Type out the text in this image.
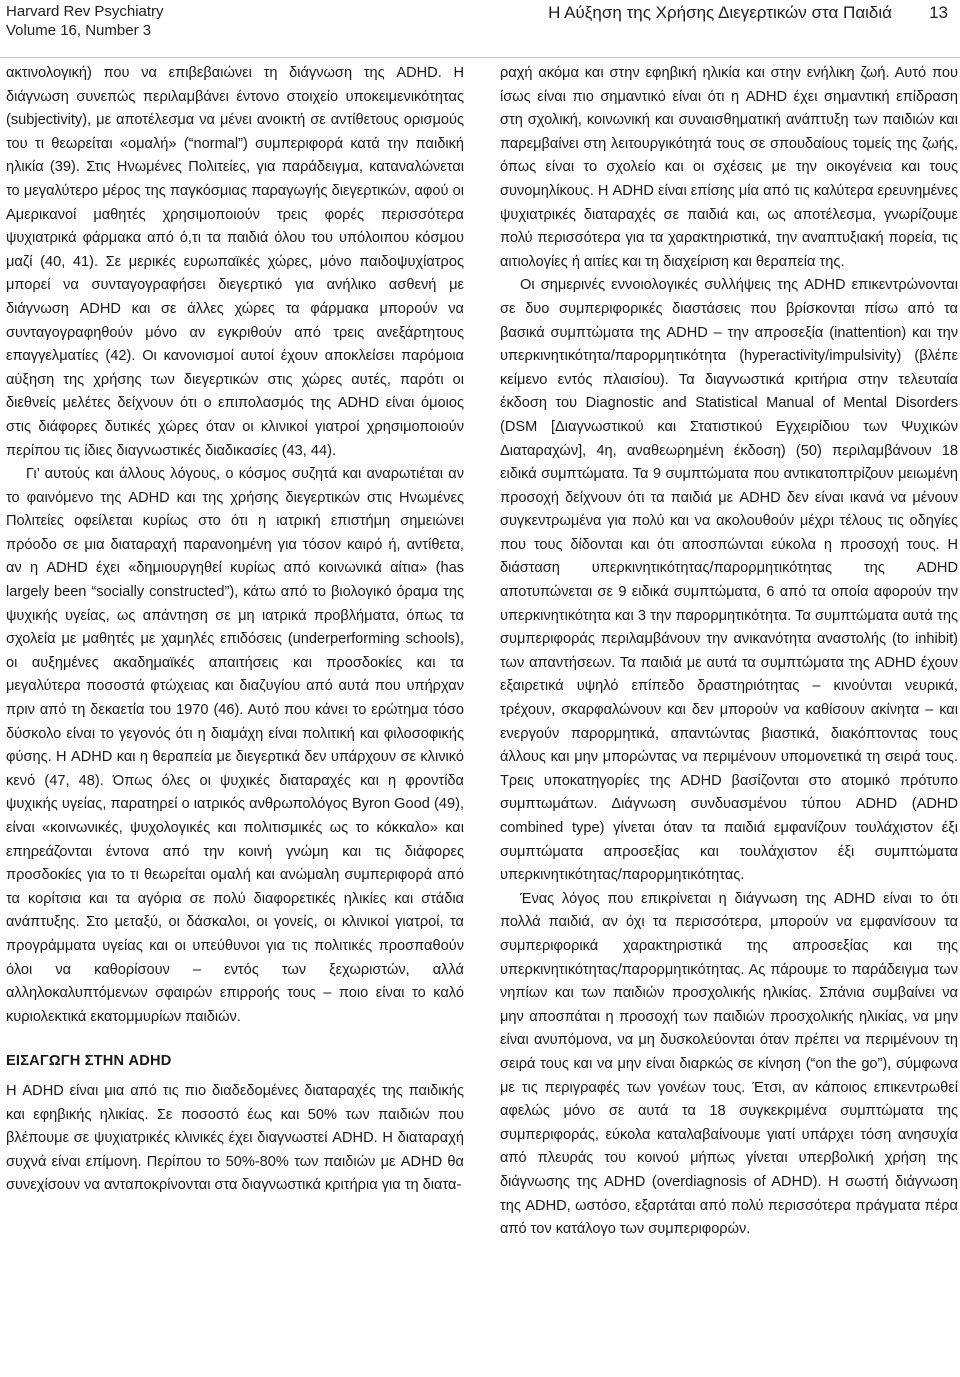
Harvard Rev Psychiatry
Volume 16, Number 3
Η Αύξηση της Χρήσης Διεγερτικών στα Παιδιά 13

ακτινολογική) που να επιβεβαιώνει τη διάγνωση της ADHD. Η διάγνωση συνεπώς περιλαμβάνει έντονο στοιχείο υποκειμενικότητας (subjectivity), με αποτέλεσμα να μένει ανοικτή σε αντίθετους ορισμούς του τι θεωρείται «ομαλή» (“normal”) συμπεριφορά κατά την παιδική ηλικία (39). Στις Ηνωμένες Πολιτείες, για παράδειγμα, καταναλώνεται το μεγαλύτερο μέρος της παγκόσμιας παραγωγής διεγερτικών, αφού οι Αμερικανοί μαθητές χρησιμοποιούν τρεις φορές περισσότερα ψυχιατρικά φάρμακα από ό,τι τα παιδιά όλου του υπόλοιπου κόσμου μαζί (40, 41). Σε μερικές ευρωπαϊκές χώρες, μόνο παιδοψυχίατρος μπορεί να συνταγογραφήσει διεγερτικό για ανήλικο ασθενή με διάγνωση ADHD και σε άλλες χώρες τα φάρμακα μπορούν να συνταγογραφηθούν μόνο αν εγκριθούν από τρεις ανεξάρτητους επαγγελματίες (42). Οι κανονισμοί αυτοί έχουν αποκλείσει παρόμοια αύξηση της χρήσης των διεγερτικών στις χώρες αυτές, παρότι οι διεθνείς μελέτες δείχνουν ότι ο επιπολασμός της ADHD είναι όμοιος στις διάφορες δυτικές χώρες όταν οι κλινικοί γιατροί χρησιμοποιούν περίπου τις ίδιες διαγνωστικές διαδικασίες (43, 44).

Γι’ αυτούς και άλλους λόγους, ο κόσμος συζητά και αναρωτιέται αν το φαινόμενο της ADHD και της χρήσης διεγερτικών στις Ηνωμένες Πολιτείες οφείλεται κυρίως στο ότι η ιατρική επιστήμη σημειώνει πρόοδο σε μια διαταραχή παρανοημένη για τόσον καιρό ή, αντίθετα, αν η ADHD έχει «δημιουργηθεί κυρίως από κοινωνικά αίτια» (has largely been “socially constructed”), κάτω από το βιολογικό όραμα της ψυχικής υγείας, ως απάντηση σε μη ιατρικά προβλήματα, όπως τα σχολεία με μαθητές με χαμηλές επιδόσεις (underperforming schools), οι αυξημένες ακαδημαϊκές απαιτήσεις και προσδοκίες και τα μεγαλύτερα ποσοστά φτώχειας και διαζυγίου από αυτά που υπήρχαν πριν από τη δεκαετία του 1970 (46). Αυτό που κάνει το ερώτημα τόσο δύσκολο είναι το γεγονός ότι η διαμάχη είναι πολιτική και φιλοσοφικής φύσης. Η ADHD και η θεραπεία με διεγερτικά δεν υπάρχουν σε κλινικό κενό (47, 48). Όπως όλες οι ψυχικές διαταραχές και η φροντίδα ψυχικής υγείας, παρατηρεί ο ιατρικός ανθρωπολόγος Byron Good (49), είναι «κοινωνικές, ψυχολογικές και πολιτισμικές ως το κόκκαλο» και επηρεάζονται έντονα από την κοινή γνώμη και τις διάφορες προσδοκίες για το τι θεωρείται ομαλή και ανώμαλη συμπεριφορά από τα κορίτσια και τα αγόρια σε πολύ διαφορετικές ηλικίες και στάδια ανάπτυξης. Στο μεταξύ, οι δάσκαλοι, οι γονείς, οι κλινικοί γιατροί, τα προγράμματα υγείας και οι υπεύθυνοι για τις πολιτικές προσπαθούν όλοι να καθορίσουν – εντός των ξεχωριστών, αλλά αλληλοκαλυπτόμενων σφαιρών επιρροής τους – ποιο είναι το καλό κυριολεκτικά εκατομμυρίων παιδιών.

ΕΙΣΑΓΩΓΗ ΣΤΗΝ ADHD

Η ADHD είναι μια από τις πιο διαδεδομένες διαταραχές της παιδικής και εφηβικής ηλικίας. Σε ποσοστό έως και 50% των παιδιών που βλέπουμε σε ψυχιατρικές κλινικές έχει διαγνωστεί ADHD. Η διαταραχή συχνά είναι επίμονη. Περίπου το 50%-80% των παιδιών με ADHD θα συνεχίσουν να ανταποκρίνονται στα διαγνωστικά κριτήρια για τη διατα-

ραχή ακόμα και στην εφηβική ηλικία και στην ενήλικη ζωή. Αυτό που ίσως είναι πιο σημαντικό είναι ότι η ADHD έχει σημαντική επίδραση στη σχολική, κοινωνική και συναισθηματική ανάπτυξη των παιδιών και παρεμβαίνει στη λειτουργικότητά τους σε σπουδαίους τομείς της ζωής, όπως είναι το σχολείο και οι σχέσεις με την οικογένεια και τους συνομηλίκους. Η ADHD είναι επίσης μία από τις καλύτερα ερευνημένες ψυχιατρικές διαταραχές σε παιδιά και, ως αποτέλεσμα, γνωρίζουμε πολύ περισσότερα για τα χαρακτηριστικά, την αναπτυξιακή πορεία, τις αιτιολογίες ή αιτίες και τη διαχείριση και θεραπεία της.

Οι σημερινές εννοιολογικές συλλήψεις της ADHD επικεντρώνονται σε δυο συμπεριφορικές διαστάσεις που βρίσκονται πίσω από τα βασικά συμπτώματα της ADHD – την απροσεξία (inattention) και την υπερκινητικότητα/παρορμητικότητα (hyperactivity/impulsivity) (βλέπε κείμενο εντός πλαισίου). Τα διαγνωστικά κριτήρια στην τελευταία έκδοση του Diagnostic and Statistical Manual of Mental Disorders (DSM [Διαγνωστικού και Στατιστικού Εγχειρίδιου των Ψυχικών Διαταραχών], 4η, αναθεωρημένη έκδοση) (50) περιλαμβάνουν 18 ειδικά συμπτώματα. Τα 9 συμπτώματα που αντικατοπτρίζουν μειωμένη προσοχή δείχνουν ότι τα παιδιά με ADHD δεν είναι ικανά να μένουν συγκεντρωμένα για πολύ και να ακολουθούν μέχρι τέλους τις οδηγίες που τους δίδονται και ότι αποσπώνται εύκολα η προσοχή τους. Η διάσταση υπερκινητικότητας/παρορμητικότητας της ADHD αποτυπώνεται σε 9 ειδικά συμπτώματα, 6 από τα οποία αφορούν την υπερκινητικότητα και 3 την παρορμητικότητα. Τα συμπτώματα αυτά της συμπεριφοράς περιλαμβάνουν την ανικανότητα αναστολής (to inhibit) των απαντήσεων. Τα παιδιά με αυτά τα συμπτώματα της ADHD έχουν εξαιρετικά υψηλό επίπεδο δραστηριότητας – κινούνται νευρικά, τρέχουν, σκαρφαλώνουν και δεν μπορούν να καθίσουν ακίνητα – και ενεργούν παρορμητικά, απαντώντας βιαστικά, διακόπτοντας τους άλλους και μην μπορώντας να περιμένουν υπομονετικά τη σειρά τους. Τρεις υποκατηγορίες της ADHD βασίζονται στο ατομικό πρότυπο συμπτωμάτων. Διάγνωση συνδυασμένου τύπου ADHD (ADHD combined type) γίνεται όταν τα παιδιά εμφανίζουν τουλάχιστον έξι συμπτώματα απροσεξίας και τουλάχιστον έξι συμπτώματα υπερκινητικότητας/παρορμητικότητας.

Ένας λόγος που επικρίνεται η διάγνωση της ADHD είναι το ότι πολλά παιδιά, αν όχι τα περισσότερα, μπορούν να εμφανίσουν τα συμπεριφορικά χαρακτηριστικά της απροσεξίας και της υπερκινητικότητας/παρορμητικότητας. Ας πάρουμε το παράδειγμα των νηπίων και των παιδιών προσχολικής ηλικίας. Σπάνια συμβαίνει να μην αποσπάται η προσοχή των παιδιών προσχολικής ηλικίας, να μην είναι ανυπόμονα, να μη δυσκολεύονται όταν πρέπει να περιμένουν τη σειρά τους και να μην είναι διαρκώς σε κίνηση (“on the go”), σύμφωνα με τις περιγραφές των γονέων τους. Έτσι, αν κάποιος επικεντρωθεί αφελώς μόνο σε αυτά τα 18 συγκεκριμένα συμπτώματα της συμπεριφοράς, εύκολα καταλαβαίνουμε γιατί υπάρχει τόση ανησυχία από πλευράς του κοινού μήπως γίνεται υπερβολική χρήση της διάγνωσης της ADHD (overdiagnosis of ADHD). Η σωστή διάγνωση της ADHD, ωστόσο, εξαρτάται από πολύ περισσότερα πράγματα πέρα από τον κατάλογο των συμπεριφορών.
